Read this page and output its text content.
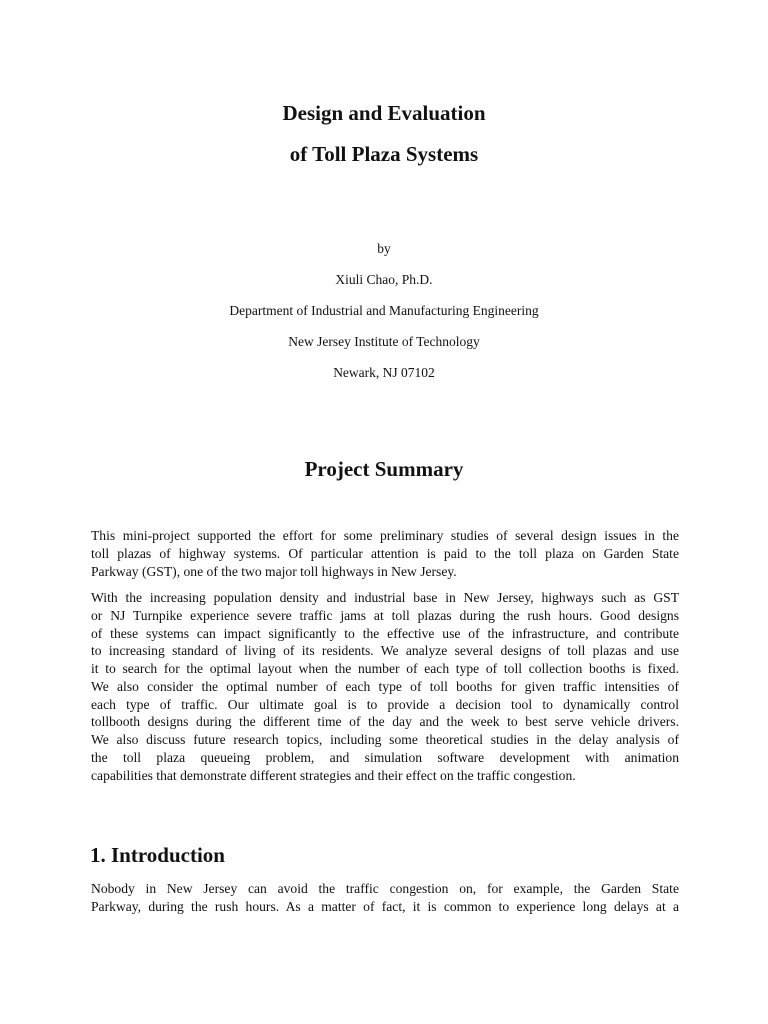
Design and Evaluation
of Toll Plaza Systems
by
Xiuli Chao, Ph.D.
Department of Industrial and Manufacturing Engineering
New Jersey Institute of Technology
Newark, NJ 07102
Project Summary
This mini-project supported the effort for some preliminary studies of several design issues in the
toll plazas of highway systems. Of particular attention is paid to the toll plaza on Garden State
Parkway (GST), one of the two major toll highways in New Jersey.
With the increasing population density and industrial base in New Jersey, highways such as GST
or NJ Turnpike experience severe traffic jams at toll plazas during the rush hours. Good designs
of these systems can impact significantly to the effective use of the infrastructure, and contribute
to increasing standard of living of its residents. We analyze several designs of toll plazas and use
it to search for the optimal layout when the number of each type of toll collection booths is fixed.
We also consider the optimal number of each type of toll booths for given traffic intensities of
each type of traffic. Our ultimate goal is to provide a decision tool to dynamically control
tollbooth designs during the different time of the day and the week to best serve vehicle drivers.
We also discuss future research topics, including some theoretical studies in the delay analysis of
the toll plaza queueing problem, and simulation software development with animation
capabilities that demonstrate different strategies and their effect on the traffic congestion.
1. Introduction
Nobody in New Jersey can avoid the traffic congestion on, for example, the Garden State
Parkway, during the rush hours. As a matter of fact, it is common to experience long delays at a
